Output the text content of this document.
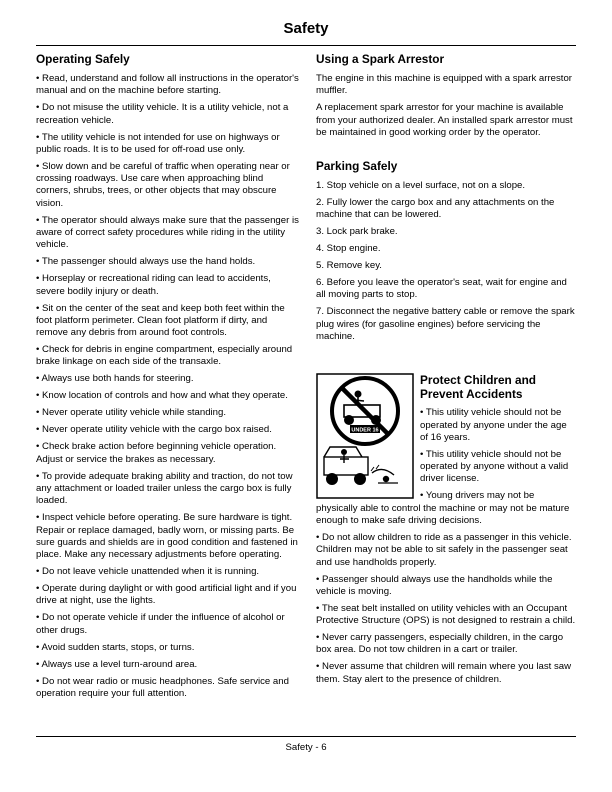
Safety
Operating Safely

• Read, understand and follow all instructions in the operator's manual and on the machine before starting.

• Do not misuse the utility vehicle. It is a utility vehicle, not a recreation vehicle.

• The utility vehicle is not intended for use on highways or public roads. It is to be used for off-road use only.

• Slow down and be careful of traffic when operating near or crossing roadways. Use care when approaching blind corners, shrubs, trees, or other objects that may obscure vision.

• The operator should always make sure that the passenger is aware of correct safety procedures while riding in the utility vehicle.

• The passenger should always use the hand holds.

• Horseplay or recreational riding can lead to accidents, severe bodily injury or death.

• Sit on the center of the seat and keep both feet within the foot platform perimeter. Clean foot platform if dirty, and remove any debris from around foot controls.

• Check for debris in engine compartment, especially around brake linkage on each side of the transaxle.

• Always use both hands for steering.

• Know location of controls and how and what they operate.

• Never operate utility vehicle while standing.

• Never operate utility vehicle with the cargo box raised.

• Check brake action before beginning vehicle operation. Adjust or service the brakes as necessary.

• To provide adequate braking ability and traction, do not tow any attachment or loaded trailer unless the cargo box is fully loaded.

• Inspect vehicle before operating. Be sure hardware is tight. Repair or replace damaged, badly worn, or missing parts. Be sure guards and shields are in good condition and fastened in place. Make any necessary adjustments before operating.

• Do not leave vehicle unattended when it is running.

• Operate during daylight or with good artificial light and if you drive at night, use the lights.

• Do not operate vehicle if under the influence of alcohol or other drugs.

• Avoid sudden starts, stops, or turns.

• Always use a level turn-around area.

• Do not wear radio or music headphones. Safe service and operation require your full attention.

Using a Spark Arrestor

The engine in this machine is equipped with a spark arrestor muffler.

A replacement spark arrestor for your machine is available from your authorized dealer. An installed spark arrestor must be maintained in good working order by the operator.

Parking Safely

1. Stop vehicle on a level surface, not on a slope.

2. Fully lower the cargo box and any attachments on the machine that can be lowered.

3. Lock park brake.

4. Stop engine.

5. Remove key.

6. Before you leave the operator's seat, wait for engine and all moving parts to stop.

7. Disconnect the negative battery cable or remove the spark plug wires (for gasoline engines) before servicing the machine.

UNDER 16
Protect Children and Prevent Accidents

• This utility vehicle should not be operated by anyone under the age of 16 years.

• This utility vehicle should not be operated by anyone without a valid driver license.

• Young drivers may not be physically able to control the machine or may not be mature enough to make safe driving decisions.

• Do not allow children to ride as a passenger in this vehicle. Children may not be able to sit safely in the passenger seat and use handholds properly.

• Passenger should always use the handholds while the vehicle is moving.

• The seat belt installed on utility vehicles with an Occupant Protective Structure (OPS) is not designed to restrain a child.

• Never carry passengers, especially children, in the cargo box area. Do not tow children in a cart or trailer.

• Never assume that children will remain where you last saw them. Stay alert to the presence of children.

Safety - 6
